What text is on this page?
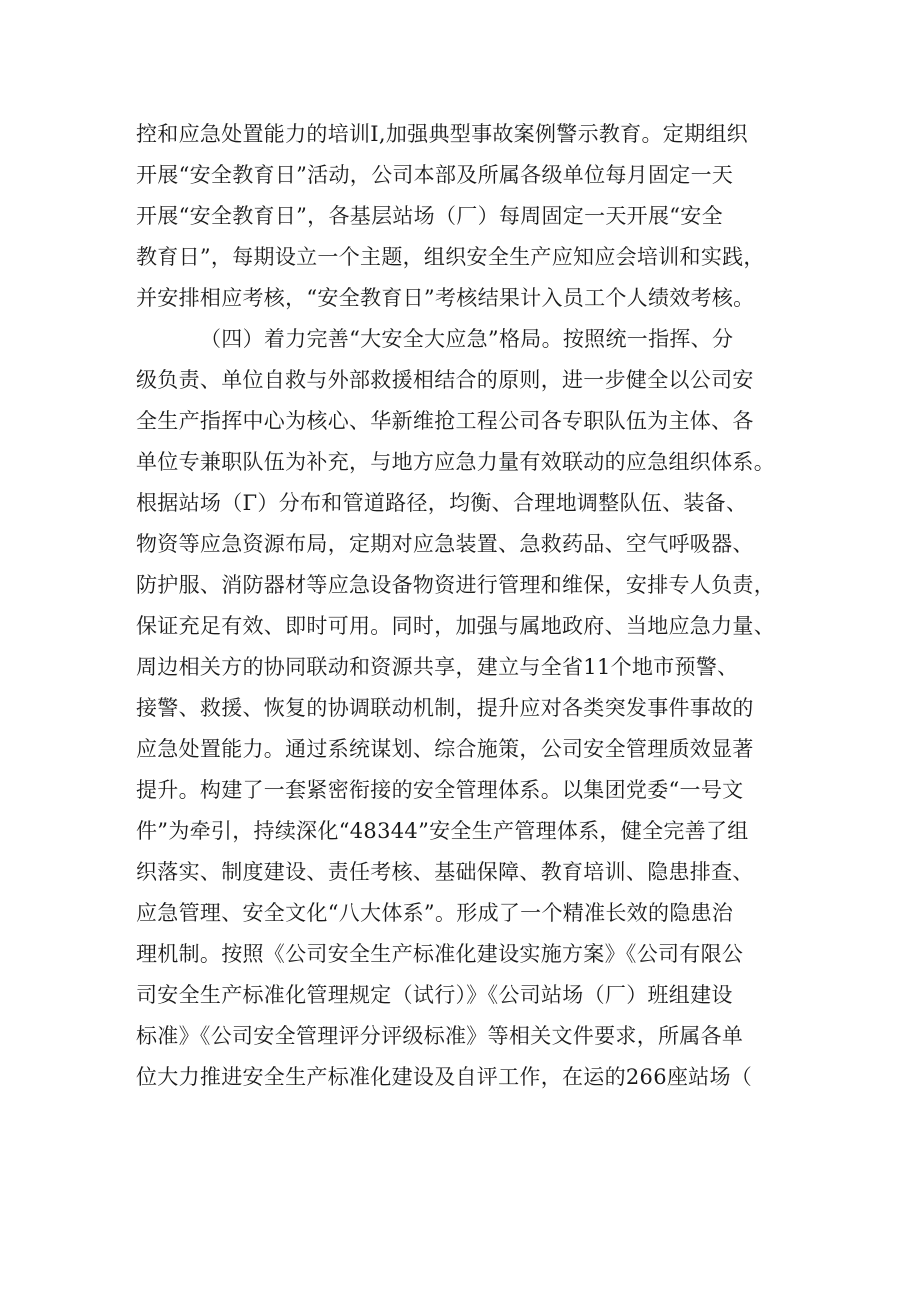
控和应急处置能力的培训I,加强典型事故案例警示教育。定期组织
开展“安全教育日”活动，公司本部及所属各级单位每月固定一天
开展“安全教育日”，各基层站场（厂）每周固定一天开展“安全
教育日”，每期设立一个主题，组织安全生产应知应会培训和实践，
并安排相应考核，“安全教育日”考核结果计入员工个人绩效考核。
（四）着力完善“大安全大应急”格局。按照统一指挥、分
级负责、单位自救与外部救援相结合的原则，进一步健全以公司安
全生产指挥中心为核心、华新维抢工程公司各专职队伍为主体、各
单位专兼职队伍为补充，与地方应急力量有效联动的应急组织体系。
根据站场（Γ）分布和管道路径，均衡、合理地调整队伍、装备、
物资等应急资源布局，定期对应急装置、急救药品、空气呼吸器、
防护服、消防器材等应急设备物资进行管理和维保，安排专人负责，
保证充足有效、即时可用。同时，加强与属地政府、当地应急力量、
周边相关方的协同联动和资源共享，建立与全省11个地市预警、
接警、救援、恢复的协调联动机制，提升应对各类突发事件事故的
应急处置能力。通过系统谋划、综合施策，公司安全管理质效显著
提升。构建了一套紧密衔接的安全管理体系。以集团党委“一号文
件”为牵引，持续深化“48344”安全生产管理体系，健全完善了组
织落实、制度建设、责任考核、基础保障、教育培训、隐患排查、
应急管理、安全文化“八大体系”。形成了一个精准长效的隐患治
理机制。按照《公司安全生产标准化建设实施方案》《公司有限公
司安全生产标准化管理规定（试行）》《公司站场（厂）班组建设
标准》《公司安全管理评分评级标准》等相关文件要求，所属各单
位大力推进安全生产标准化建设及自评工作，在运的266座站场（
